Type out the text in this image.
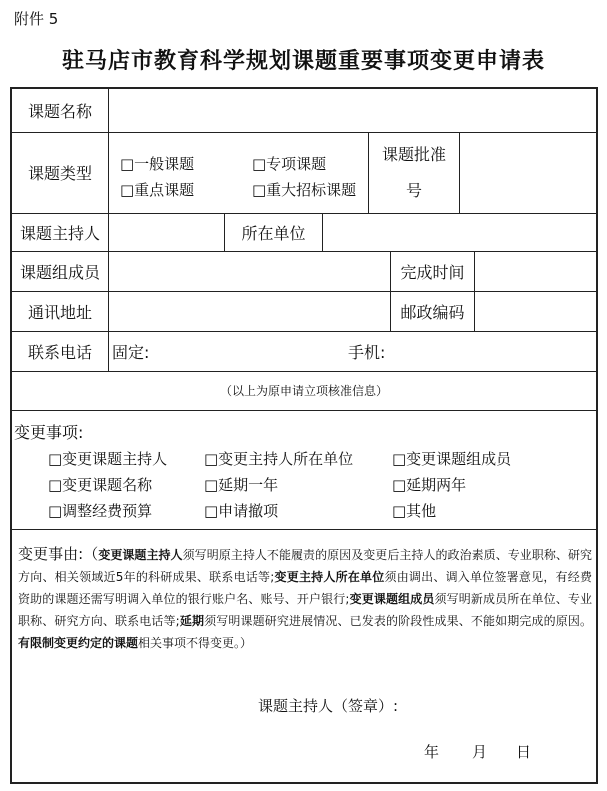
附件 5
驻马店市教育科学规划课题重要事项变更申请表
课题名称
课题类型	□一般课题	□专项课题
□重点课题	□重大招标课题
课题批准
号
课题主持人	所在单位
课题组成员	完成时间
通讯地址	邮政编码
联系电话	固定:	手机:
（以上为原申请立项核准信息）
变更事项:
□变更课题主持人 □变更主持人所在单位	□变更课题组成员
□变更课题名称	□延期一年	□延期两年
□调整经费预算	□申请撤项	□其他
变更事由:（变更课题主持人须写明原主持人不能履责的原因及变更后主持人的政治素质、专业职称、研究方向、相关领域近5年的科研成果、联系电话等;变更主持人所在单位须由调出、调入单位签署意见，有经费资助的课题还需写明调入单位的银行账户名、账号、开户银行;变更课题组成员须写明新成员所在单位、专业职称、研究方向、联系电话等;延期须写明课题研究进展情况、已发表的阶段性成果、不能如期完成的原因。有限制变更约定的课题相关事项不得变更。）
课题主持人（签章）:
年 月 日
